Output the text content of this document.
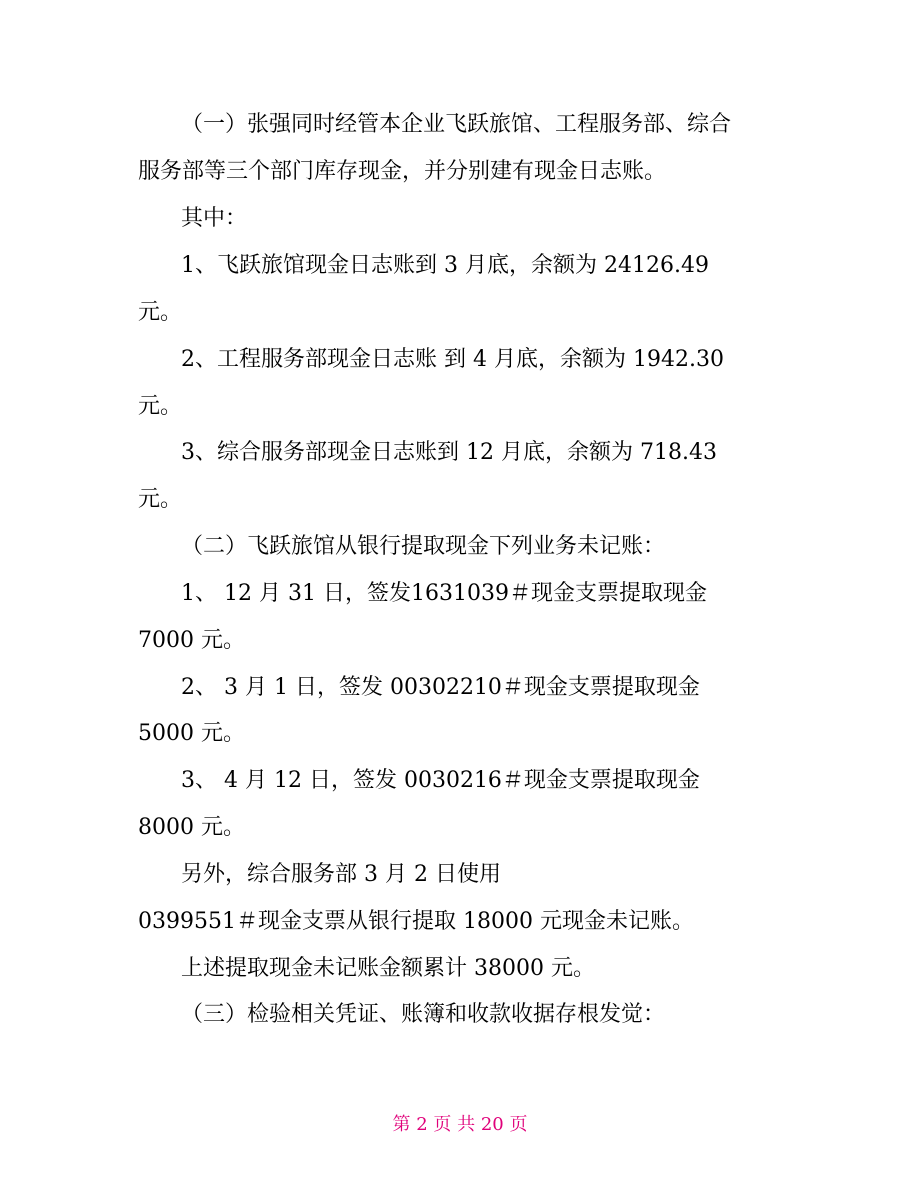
（一）张强同时经管本企业飞跃旅馆、工程服务部、综合

服务部等三个部门库存现金，并分别建有现金日志账。

其中：

1、飞跃旅馆现金日志账到 3 月底，余额为 24126.49

元。

2、工程服务部现金日志账 到 4 月底，余额为 1942.30

元。

3、综合服务部现金日志账到 12 月底，余额为 718.43

元。

（二）飞跃旅馆从银行提取现金下列业务未记账：

1、 12 月 31 日，签发1631039＃现金支票提取现金

7000 元。

2、 3 月 1 日，签发 00302210＃现金支票提取现金

5000 元。

3、 4 月 12 日，签发 0030216＃现金支票提取现金

8000 元。

另外，综合服务部 3 月 2 日使用

0399551＃现金支票从银行提取 18000 元现金未记账。

上述提取现金未记账金额累计 38000 元。

（三）检验相关凭证、账簿和收款收据存根发觉：

第 2 页 共 20 页
